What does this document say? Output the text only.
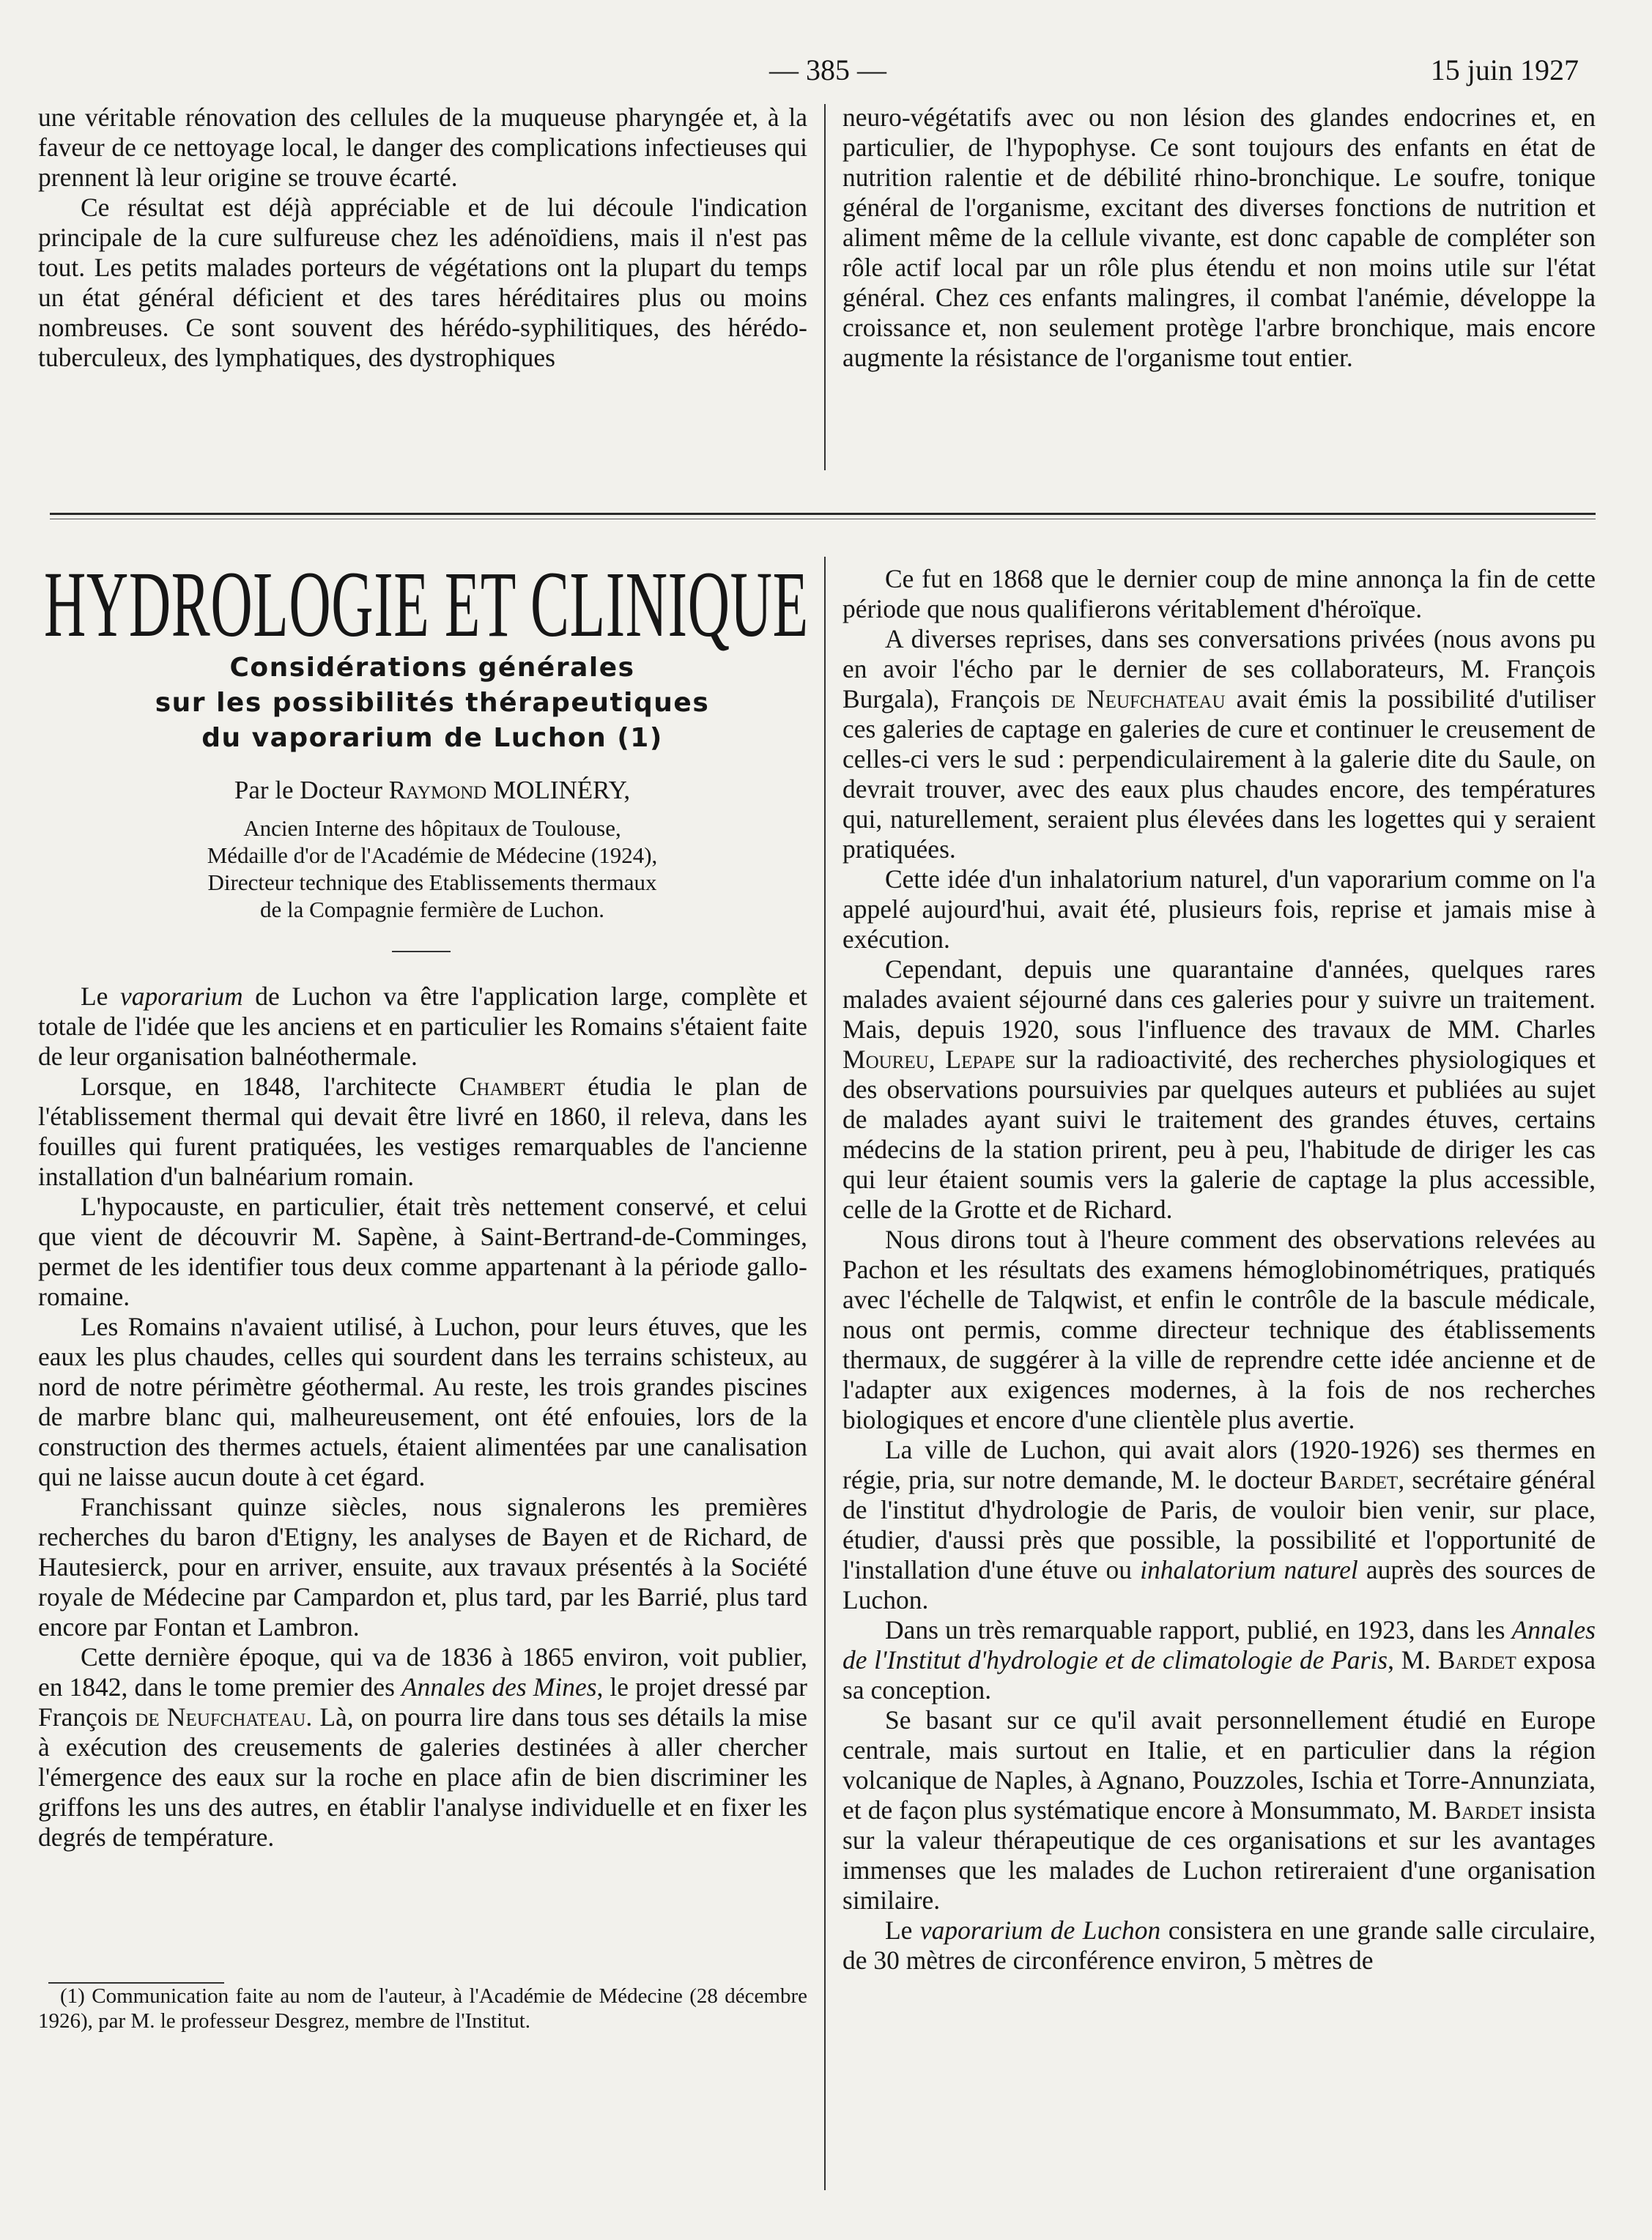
— 385 —	15 juin 1927

une véritable rénovation des cellules de la muqueuse pharyngée et, à la faveur de ce nettoyage local, le danger des complications infectieuses qui prennent là leur origine se trouve écarté.

Ce résultat est déjà appréciable et de lui découle l'indication principale de la cure sulfureuse chez les adénoïdiens, mais il n'est pas tout. Les petits malades porteurs de végétations ont la plupart du temps un état général déficient et des tares héréditaires plus ou moins nombreuses. Ce sont souvent des hérédo-syphilitiques, des hérédo-tuberculeux, des lymphatiques, des dystrophiques

neuro-végétatifs avec ou non lésion des glandes endocrines et, en particulier, de l'hypophyse. Ce sont toujours des enfants en état de nutrition ralentie et de débilité rhino-bronchique. Le soufre, tonique général de l'organisme, excitant des diverses fonctions de nutrition et aliment même de la cellule vivante, est donc capable de compléter son rôle actif local par un rôle plus étendu et non moins utile sur l'état général. Chez ces enfants malingres, il combat l'anémie, développe la croissance et, non seulement protège l'arbre bronchique, mais encore augmente la résistance de l'organisme tout entier.

HYDROLOGIE ET CLINIQUE
Considérations générales
sur les possibilités thérapeutiques
du vaporarium de Luchon (1)
Par le Docteur Raymond MOLINÉRY,
Ancien Interne des hôpitaux de Toulouse,
Médaille d'or de l'Académie de Médecine (1924),
Directeur technique des Etablissements thermaux
de la Compagnie fermière de Luchon.

Le vaporarium de Luchon va être l'application large, complète et totale de l'idée que les anciens et en particulier les Romains s'étaient faite de leur organisation balnéothermale.

Lorsque, en 1848, l'architecte Chambert étudia le plan de l'établissement thermal qui devait être livré en 1860, il releva, dans les fouilles qui furent pratiquées, les vestiges remarquables de l'ancienne installation d'un balnéarium romain.

L'hypocauste, en particulier, était très nettement conservé, et celui que vient de découvrir M. Sapène, à Saint-Bertrand-de-Comminges, permet de les identifier tous deux comme appartenant à la période gallo-romaine.

Les Romains n'avaient utilisé, à Luchon, pour leurs étuves, que les eaux les plus chaudes, celles qui sourdent dans les terrains schisteux, au nord de notre périmètre géothermal. Au reste, les trois grandes piscines de marbre blanc qui, malheureusement, ont été enfouies, lors de la construction des thermes actuels, étaient alimentées par une canalisation qui ne laisse aucun doute à cet égard.

Franchissant quinze siècles, nous signalerons les premières recherches du baron d'Etigny, les analyses de Bayen et de Richard, de Hautesierck, pour en arriver, ensuite, aux travaux présentés à la Société royale de Médecine par Campardon et, plus tard, par les Barrié, plus tard encore par Fontan et Lambron.

Cette dernière époque, qui va de 1836 à 1865 environ, voit publier, en 1842, dans le tome premier des Annales des Mines, le projet dressé par François de Neufchateau. Là, on pourra lire dans tous ses détails la mise à exécution des creusements de galeries destinées à aller chercher l'émergence des eaux sur la roche en place afin de bien discriminer les griffons les uns des autres, en établir l'analyse individuelle et en fixer les degrés de température.

(1) Communication faite au nom de l'auteur, à l'Académie de Médecine (28 décembre 1926), par M. le professeur Desgrez, membre de l'Institut.

Ce fut en 1868 que le dernier coup de mine annonça la fin de cette période que nous qualifierons véritablement d'héroïque.

A diverses reprises, dans ses conversations privées (nous avons pu en avoir l'écho par le dernier de ses collaborateurs, M. François Burgala), François de Neufchateau avait émis la possibilité d'utiliser ces galeries de captage en galeries de cure et continuer le creusement de celles-ci vers le sud : perpendiculairement à la galerie dite du Saule, on devrait trouver, avec des eaux plus chaudes encore, des températures qui, naturellement, seraient plus élevées dans les logettes qui y seraient pratiquées.

Cette idée d'un inhalatorium naturel, d'un vaporarium comme on l'a appelé aujourd'hui, avait été, plusieurs fois, reprise et jamais mise à exécution.

Cependant, depuis une quarantaine d'années, quelques rares malades avaient séjourné dans ces galeries pour y suivre un traitement. Mais, depuis 1920, sous l'influence des travaux de MM. Charles Moureu, Lepape sur la radioactivité, des recherches physiologiques et des observations poursuivies par quelques auteurs et publiées au sujet de malades ayant suivi le traitement des grandes étuves, certains médecins de la station prirent, peu à peu, l'habitude de diriger les cas qui leur étaient soumis vers la galerie de captage la plus accessible, celle de la Grotte et de Richard.

Nous dirons tout à l'heure comment des observations relevées au Pachon et les résultats des examens hémoglobinométriques, pratiqués avec l'échelle de Talqwist, et enfin le contrôle de la bascule médicale, nous ont permis, comme directeur technique des établissements thermaux, de suggérer à la ville de reprendre cette idée ancienne et de l'adapter aux exigences modernes, à la fois de nos recherches biologiques et encore d'une clientèle plus avertie.

La ville de Luchon, qui avait alors (1920-1926) ses thermes en régie, pria, sur notre demande, M. le docteur Bardet, secrétaire général de l'institut d'hydrologie de Paris, de vouloir bien venir, sur place, étudier, d'aussi près que possible, la possibilité et l'opportunité de l'installation d'une étuve ou inhalatorium naturel auprès des sources de Luchon.

Dans un très remarquable rapport, publié, en 1923, dans les Annales de l'Institut d'hydrologie et de climatologie de Paris, M. Bardet exposa sa conception.

Se basant sur ce qu'il avait personnellement étudié en Europe centrale, mais surtout en Italie, et en particulier dans la région volcanique de Naples, à Agnano, Pouzzoles, Ischia et Torre-Annunziata, et de façon plus systématique encore à Monsummato, M. Bardet insista sur la valeur thérapeutique de ces organisations et sur les avantages immenses que les malades de Luchon retireraient d'une organisation similaire.

Le vaporarium de Luchon consistera en une grande salle circulaire, de 30 mètres de circonférence environ, 5 mètres de
